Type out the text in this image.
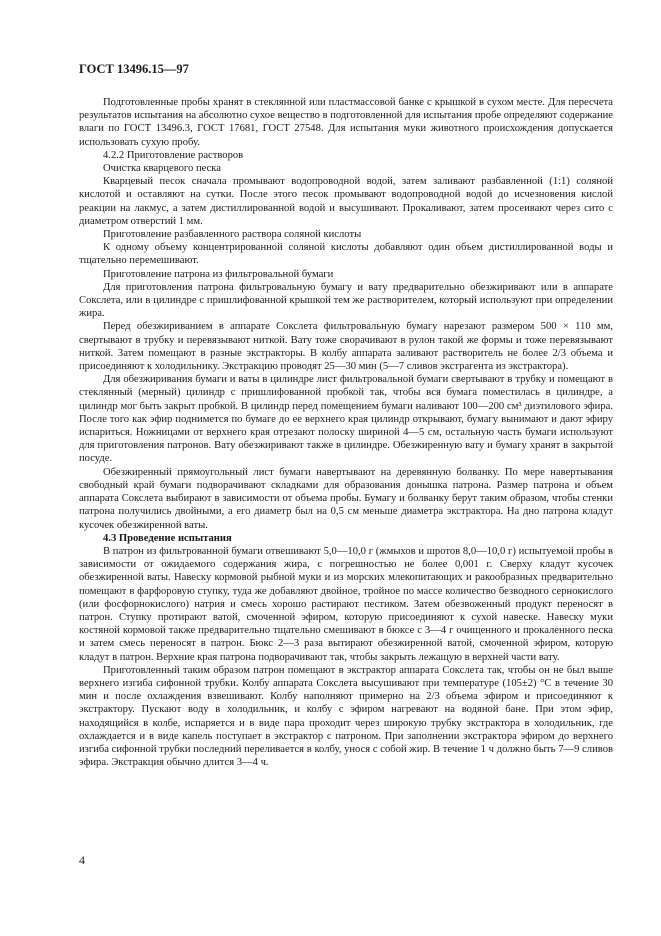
ГОСТ 13496.15—97

Подготовленные пробы хранят в стеклянной или пластмассовой банке с крышкой в сухом месте. Для пересчета результатов испытания на абсолютно сухое вещество в подготовленной для испытания пробе определяют содержание влаги по ГОСТ 13496.3, ГОСТ 17681, ГОСТ 27548. Для испытания муки животного происхождения допускается использовать сухую пробу.

4.2.2 Приготовление растворов

Очистка кварцевого песка

Кварцевый песок сначала промывают водопроводной водой, затем заливают разбавленной (1:1) соляной кислотой и оставляют на сутки. После этого песок промывают водопроводной водой до исчезновения кислой реакции на лакмус, а затем дистиллированной водой и высушивают. Прокаливают, затем просеивают через сито с диаметром отверстий 1 мм.

Приготовление разбавленного раствора соляной кислоты

К одному объему концентрированной соляной кислоты добавляют один объем дистиллированной воды и тщательно перемешивают.

Приготовление патрона из фильтровальной бумаги

Для приготовления патрона фильтровальную бумагу и вату предварительно обезжиривают или в аппарате Сокслета, или в цилиндре с пришлифованной крышкой тем же растворителем, который используют при определении жира.

Перед обезжириванием в аппарате Сокслета фильтровальную бумагу нарезают размером 500 × 110 мм, свертывают в трубку и перевязывают ниткой. Вату тоже сворачивают в рулон такой же формы и тоже перевязывают ниткой. Затем помещают в разные экстракторы. В колбу аппарата заливают растворитель не более 2/3 объема и присоединяют к холодильнику. Экстракцию проводят 25—30 мин (5—7 сливов экстрагента из экстрактора).

Для обезжиривания бумаги и ваты в цилиндре лист фильтровальной бумаги свертывают в трубку и помещают в стеклянный (мерный) цилиндр с пришлифованной пробкой так, чтобы вся бумага поместилась в цилиндре, а цилиндр мог быть закрыт пробкой. В цилиндр перед помещением бумаги наливают 100—200 см³ диэтилового эфира. После того как эфир поднимется по бумаге до ее верхнего края цилиндр открывают, бумагу вынимают и дают эфиру испариться. Ножницами от верхнего края отрезают полоску шириной 4—5 см, остальную часть бумаги используют для приготовления патронов. Вату обезжиривают также в цилиндре. Обезжиренную вату и бумагу хранят в закрытой посуде.

Обезжиренный прямоугольный лист бумаги навертывают на деревянную болванку. По мере навертывания свободный край бумаги подворачивают складками для образования донышка патрона. Размер патрона и объем аппарата Сокслета выбирают в зависимости от объема пробы. Бумагу и болванку берут таким образом, чтобы стенки патрона получились двойными, а его диаметр был на 0,5 см меньше диаметра экстрактора. На дно патрона кладут кусочек обезжиренной ваты.

4.3 Проведение испытания

В патрон из фильтрованной бумаги отвешивают 5,0—10,0 г (жмыхов и шротов 8,0—10,0 г) испытуемой пробы в зависимости от ожидаемого содержания жира, с погрешностью не более 0,001 г. Сверху кладут кусочек обезжиренной ваты. Навеску кормовой рыбной муки и из морских млекопитающих и ракообразных предварительно помещают в фарфоровую ступку, туда же добавляют двойное, тройное по массе количество безводного сернокислого (или фосфорнокислого) натрия и смесь хорошо растирают пестиком. Затем обезвоженный продукт переносят в патрон. Ступку протирают ватой, смоченной эфиром, которую присоединяют к сухой навеске. Навеску муки костяной кормовой также предварительно тщательно смешивают в бюксе с 3—4 г очищенного и прокаленного песка и затем смесь переносят в патрон. Бюкс 2—3 раза вытирают обезжиренной ватой, смоченной эфиром, которую кладут в патрон. Верхние края патрона подворачивают так, чтобы закрыть лежащую в верхней части вату.

Приготовленный таким образом патрон помещают в экстрактор аппарата Сокслета так, чтобы он не был выше верхнего изгиба сифонной трубки. Колбу аппарата Сокслета высушивают при температуре (105±2) °С в течение 30 мин и после охлаждения взвешивают. Колбу наполняют примерно на 2/3 объема эфиром и присоединяют к экстрактору. Пускают воду в холодильник, и колбу с эфиром нагревают на водяной бане. При этом эфир, находящийся в колбе, испаряется и в виде пара проходит через широкую трубку экстрактора в холодильник, где охлаждается и в виде капель поступает в экстрактор с патроном. При заполнении экстрактора эфиром до верхнего изгиба сифонной трубки последний переливается в колбу, унося с собой жир. В течение 1 ч должно быть 7—9 сливов эфира. Экстракция обычно длится 3—4 ч.

4
